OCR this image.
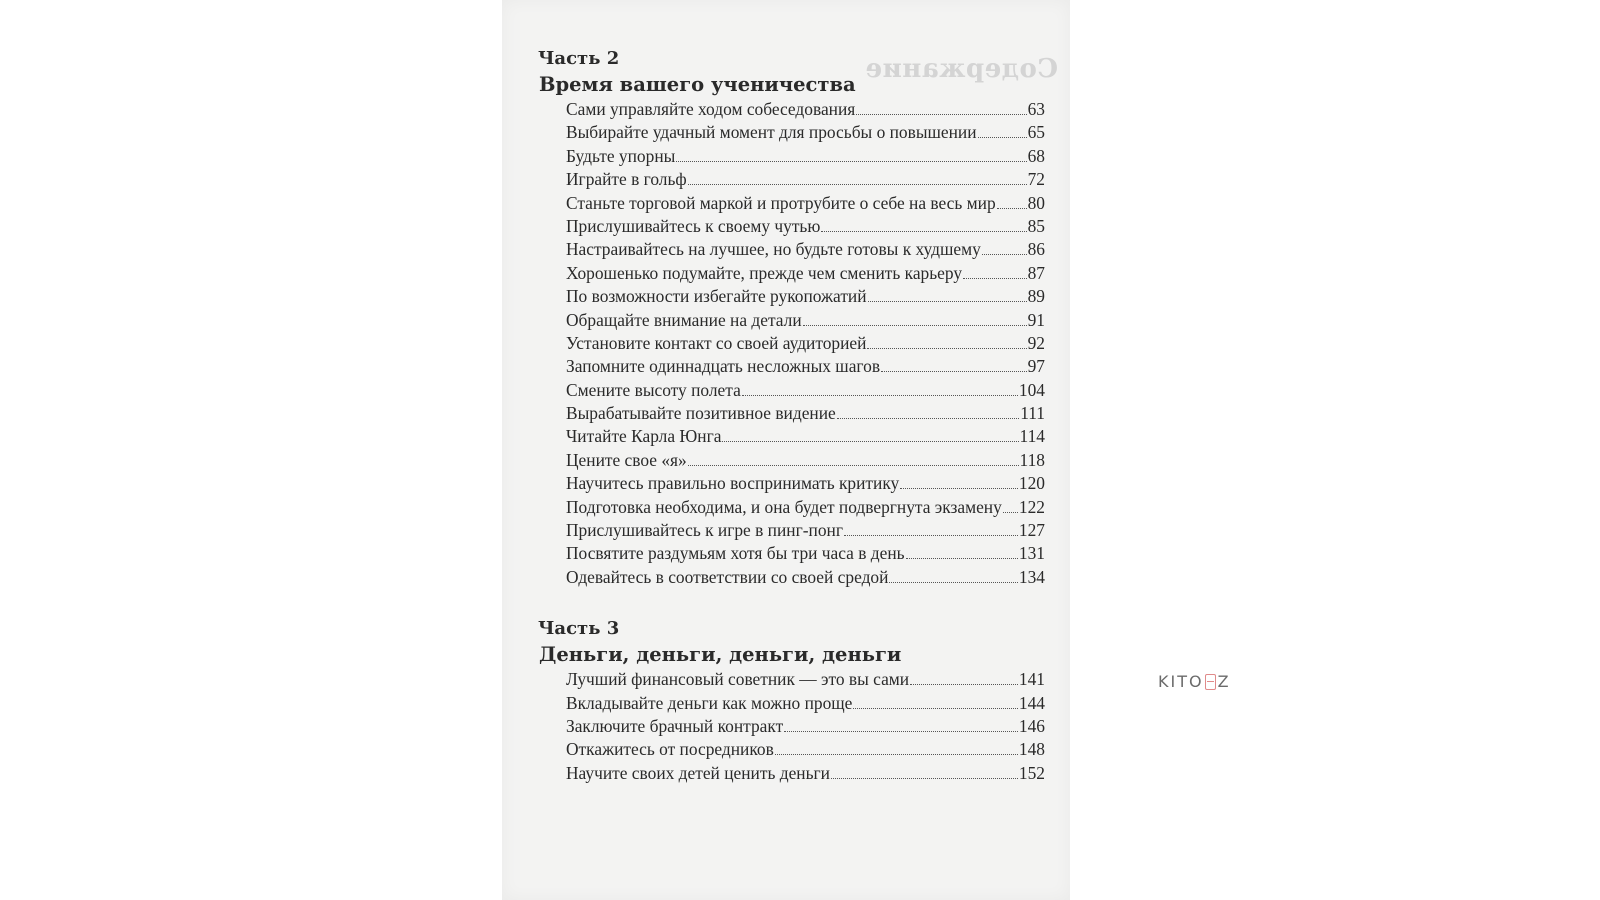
Содержание
Часть 2
Время вашего ученичества
Сами управляйте ходом собеседования	63
Выбирайте удачный момент для просьбы о повышении	65
Будьте упорны	68
Играйте в гольф	72
Станьте торговой маркой и протрубите о себе на весь мир 80
Прислушивайтесь к своему чутью	85
Настраивайтесь на лучшее, но будьте готовы к худшему	86
Хорошенько подумайте, прежде чем сменить карьеру	87
По возможности избегайте рукопожатий	89
Обращайте внимание на детали	91
Установите контакт со своей аудиторией	92
Запомните одиннадцать несложных шагов	97
Смените высоту полета	104
Вырабатывайте позитивное видение	111
Читайте Карла Юнга	114
Цените свое «я»	118
Научитесь правильно воспринимать критику	120
Подготовка необходима, и она будет подвергнута экзамену 122
Прислушивайтесь к игре в пинг-понг	127
Посвятите раздумьям хотя бы три часа в день	131
Одевайтесь в соответствии со своей средой	134
Часть 3
Деньги, деньги, деньги, деньги
Лучший финансовый советник — это вы сами	141
Вкладывайте деньги как можно проще	144
Заключите брачный контракт	146
Откажитесь от посредников	148
Научите своих детей ценить деньги	152
KITO Z
